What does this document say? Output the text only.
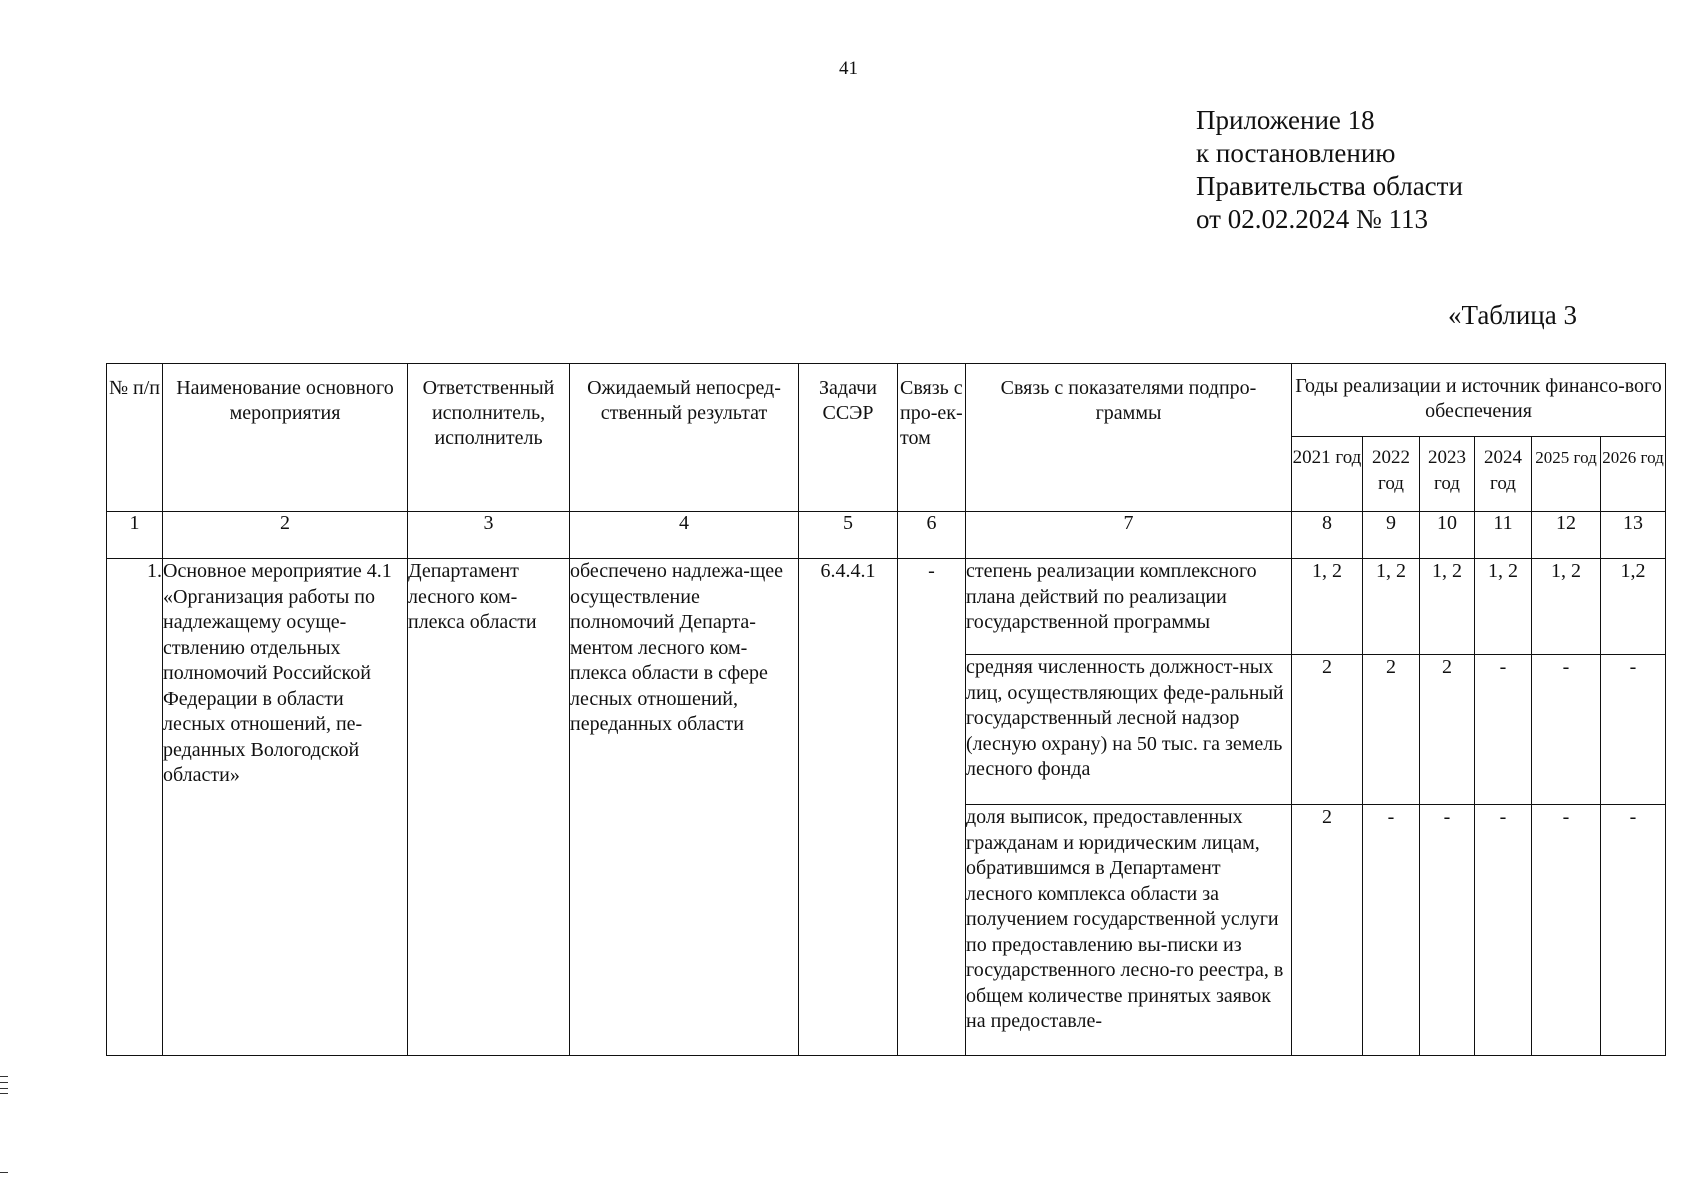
41
Приложение 18
к постановлению
Правительства области
от 02.02.2024 № 113
«Таблица 3
№ п/п	Наименование основного мероприятия	Ответственный исполнитель, исполнитель	Ожидаемый непосред-ственный результат	Задачи ССЭР	Связь с про-ек-том	Связь с показателями подпро-граммы	Годы реализации и источник финансо-вого обеспечения					
							2021 год	2022 год	2023 год	2024 год	2025 год	2026 год
1	2	3	4	5	6	7	8	9	10	11	12	13
1.	Основное мероприятие 4.1 «Организация работы по надлежащему осуще-ствлению отдельных полномочий Российской Федерации в области лесных отношений, пе-реданных Вологодской области»	Департамент лесного ком-плекса области	обеспечено надлежа-щее осуществление полномочий Департа-ментом лесного ком-плекса области в сфере лесных отношений, переданных области	6.4.4.1	-	степень реализации комплексного плана действий по реализации государственной программы	1, 2	1, 2	1, 2	1, 2	1, 2	1,2
						средняя численность должност-ных лиц, осуществляющих феде-ральный государственный лесной надзор (лесную охрану) на 50 тыс. га земель лесного фонда	2	2	2	-	-	-
						доля выписок, предоставленных гражданам и юридическим лицам, обратившимся в Департамент лесного комплекса области за получением государственной услуги по предоставлению вы-писки из государственного лесно-го реестра, в общем количестве принятых заявок на предоставле-	2	-	-	-	-	-
